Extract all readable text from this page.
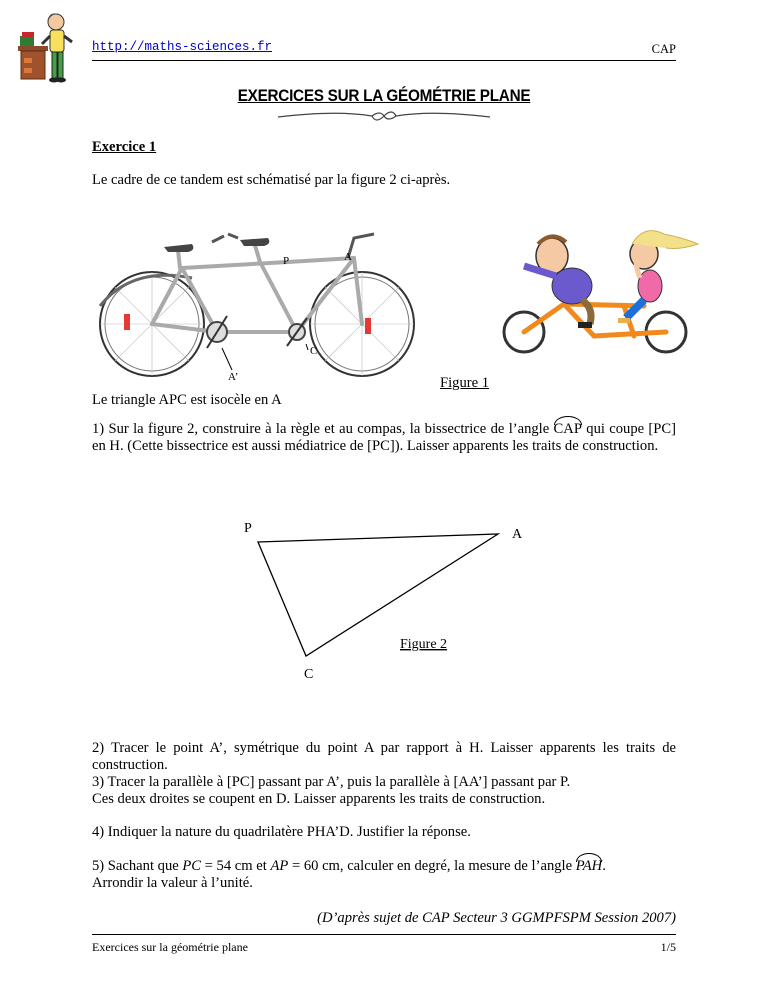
http://maths-sciences.fr	CAP
EXERCICES SUR LA GÉOMÉTRIE PLANE
Exercice 1
Le cadre de ce tandem est schématisé par la figure 2 ci-après.
P	A
C
A’	Figure 1
Le triangle APC est isocèle en A
1) Sur la figure 2, construire à la règle et au compas, la bissectrice de l’angle CAP qui coupe [PC] en H. (Cette bissectrice est aussi médiatrice de [PC]). Laisser apparents les traits de construction.
P	A
C
Figure 2
2) Tracer le point A’, symétrique du point A par rapport à H. Laisser apparents les traits de construction.
3) Tracer la parallèle à [PC] passant par A’, puis la parallèle à [AA’] passant par P.
Ces deux droites se coupent en D. Laisser apparents les traits de construction.
4) Indiquer la nature du quadrilatère PHA’D. Justifier la réponse.
5) Sachant que PC = 54 cm et AP = 60 cm, calculer en degré, la mesure de l’angle PAH.
Arrondir la valeur à l’unité.
(D’après sujet de CAP Secteur 3 GGMPFSPM Session 2007)
Exercices sur la géométrie plane	1/5
